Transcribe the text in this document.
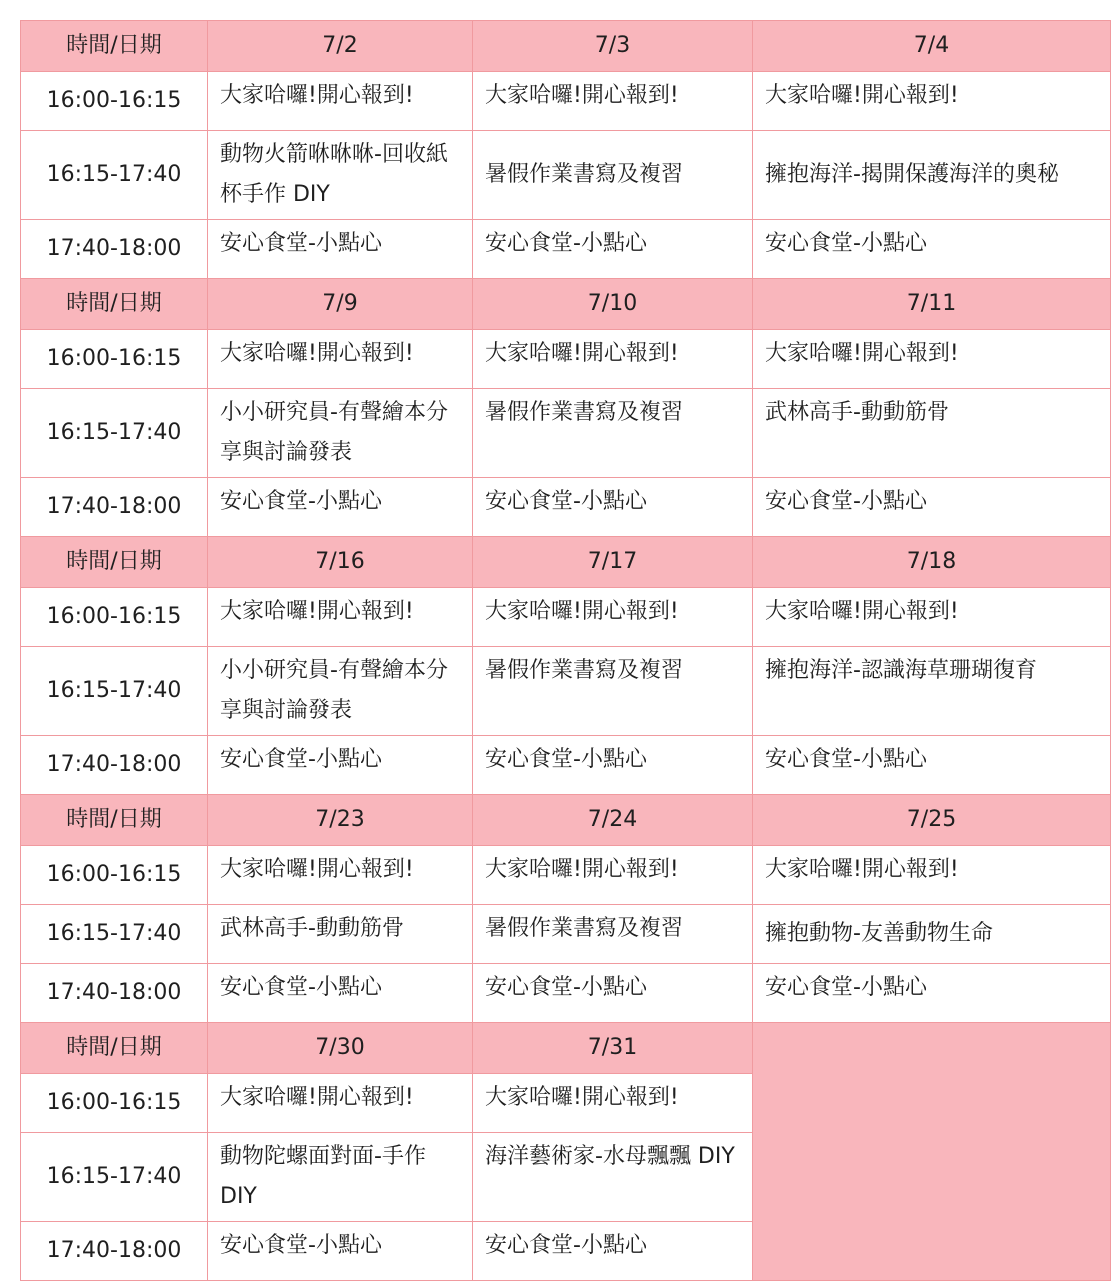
時間/日期	7/2	7/3	7/4
16:00-16:15	大家哈囉!開心報到!	大家哈囉!開心報到!	大家哈囉!開心報到!
16:15-17:40	動物火箭咻咻咻-回收紙杯手作 DIY	暑假作業書寫及複習	擁抱海洋-揭開保護海洋的奧秘
17:40-18:00	安心食堂-小點心	安心食堂-小點心	安心食堂-小點心
時間/日期	7/9	7/10	7/11
16:00-16:15	大家哈囉!開心報到!	大家哈囉!開心報到!	大家哈囉!開心報到!
16:15-17:40	小小研究員-有聲繪本分享與討論發表	暑假作業書寫及複習	武林高手-動動筋骨
17:40-18:00	安心食堂-小點心	安心食堂-小點心	安心食堂-小點心
時間/日期	7/16	7/17	7/18
16:00-16:15	大家哈囉!開心報到!	大家哈囉!開心報到!	大家哈囉!開心報到!
16:15-17:40	小小研究員-有聲繪本分享與討論發表	暑假作業書寫及複習	擁抱海洋-認識海草珊瑚復育
17:40-18:00	安心食堂-小點心	安心食堂-小點心	安心食堂-小點心
時間/日期	7/23	7/24	7/25
16:00-16:15	大家哈囉!開心報到!	大家哈囉!開心報到!	大家哈囉!開心報到!
16:15-17:40	武林高手-動動筋骨	暑假作業書寫及複習	擁抱動物-友善動物生命
17:40-18:00	安心食堂-小點心	安心食堂-小點心	安心食堂-小點心
時間/日期	7/30	7/31	
16:00-16:15	大家哈囉!開心報到!	大家哈囉!開心報到!	
16:15-17:40	動物陀螺面對面-手作 DIY	海洋藝術家-水母飄飄 DIY	
17:40-18:00	安心食堂-小點心	安心食堂-小點心	
